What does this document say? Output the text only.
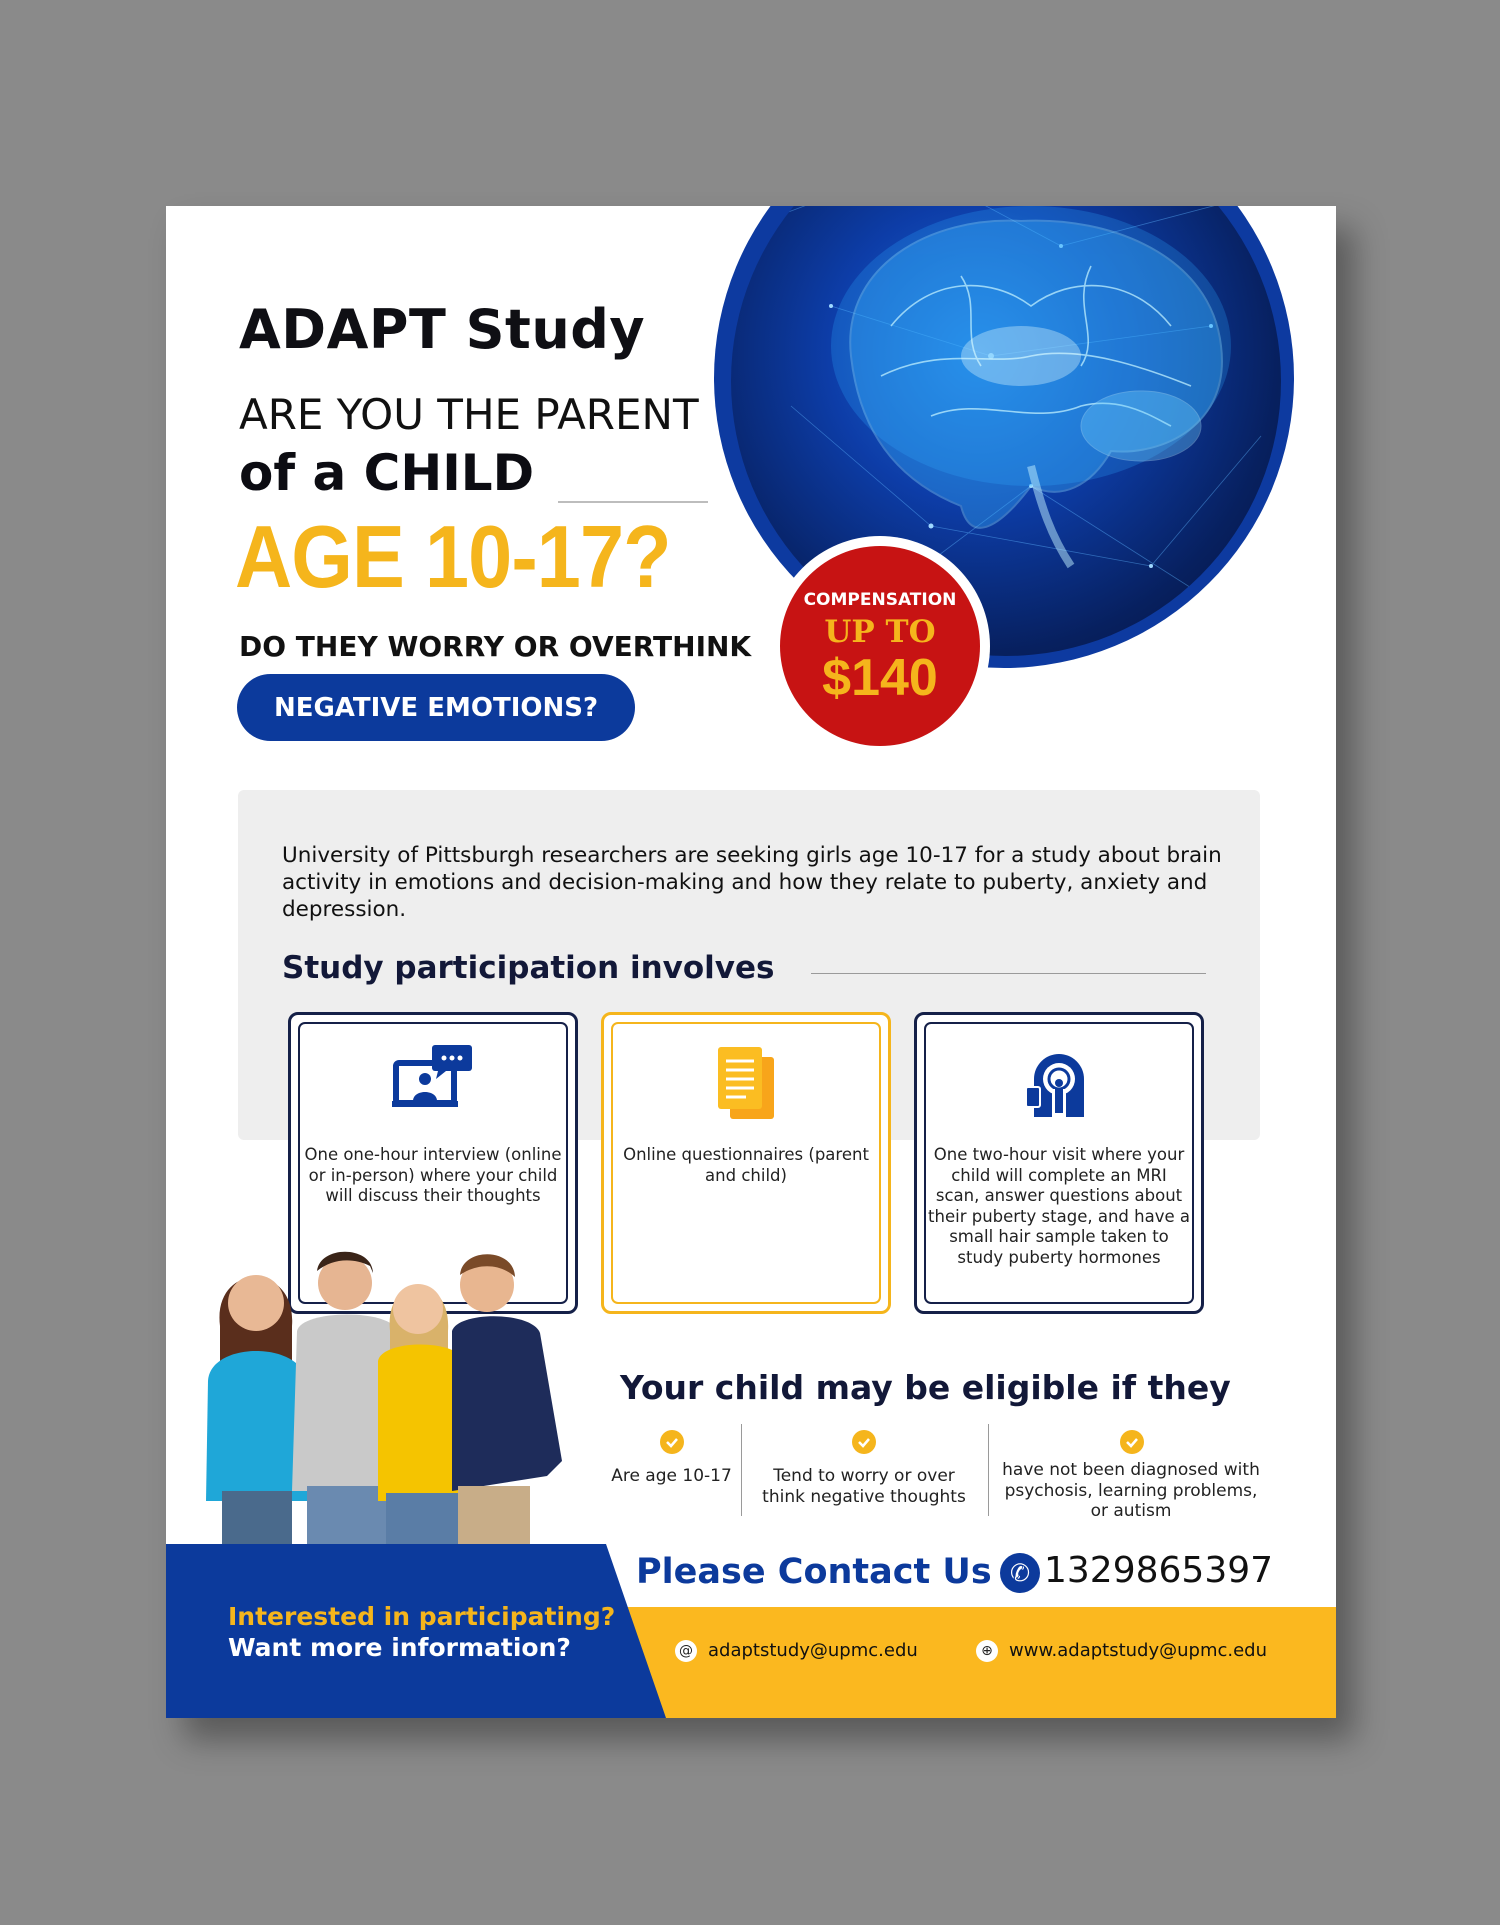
ADAPT Study
ARE YOU THE PARENT
of a CHILD
AGE 10-17?
DO THEY WORRY OR OVERTHINK
NEGATIVE EMOTIONS?
COMPENSATION
UP TO
$140
University of Pittsburgh researchers are seeking girls age 10-17 for a study about brain activity in emotions and decision-making and how they relate to puberty, anxiety and depression.
Study participation involves
One one-hour interview (online or in-person) where your child will discuss their thoughts
Online questionnaires (parent and child)
One two-hour visit where your child will complete an MRI scan, answer questions about their puberty stage, and have a small hair sample taken to study puberty hormones
Your child may be eligible if they
Are age 10-17	Tend to worry or over think negative thoughts
have not been diagnosed with psychosis, learning problems, or autism
Interested in participating?
Want more information?
Please Contact Us ✆ 1329865397
@ adaptstudy@upmc.edu	⊕ www.adaptstudy@upmc.edu
